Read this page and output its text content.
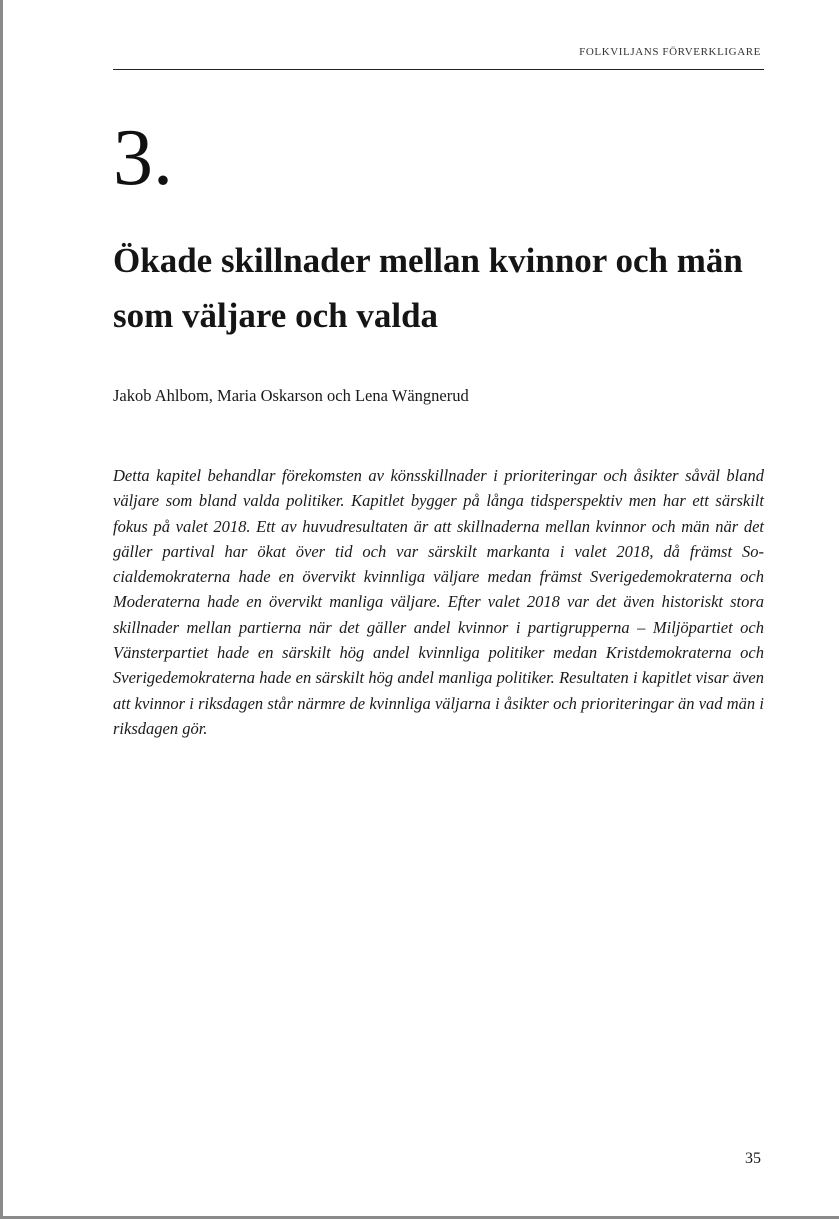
FOLKVILJANS FÖRVERKLIGARE
3.
Ökade skillnader mellan kvinnor och män som väljare och valda
Jakob Ahlbom, Maria Oskarson och Lena Wängnerud

Detta kapitel behandlar förekomsten av könsskillnader i prioriteringar och åsikter såväl bland väljare som bland valda politiker. Kapitlet bygger på långa tidsperspektiv men har ett särskilt fokus på valet 2018. Ett av huvudresultaten är att skillnaderna mellan kvinnor och män när det gäller partival har ökat över tid och var särskilt markanta i valet 2018, då främst Socialdemokraterna hade en övervikt kvinnliga väljare medan främst Sverigedemokraterna och Moderaterna hade en övervikt manliga väljare. Efter valet 2018 var det även historiskt stora skillnader mellan partierna när det gäller andel kvinnor i partigrupperna – Miljöpartiet och Vänsterpartiet hade en särskilt hög andel kvinnliga politiker medan Kristdemokraterna och Sverigedemokraterna hade en särskilt hög andel manliga politiker. Resultaten i kapitlet visar även att kvinnor i riksdagen står närmre de kvinnliga väljarna i åsikter och prioriteringar än vad män i riksdagen gör.

35
